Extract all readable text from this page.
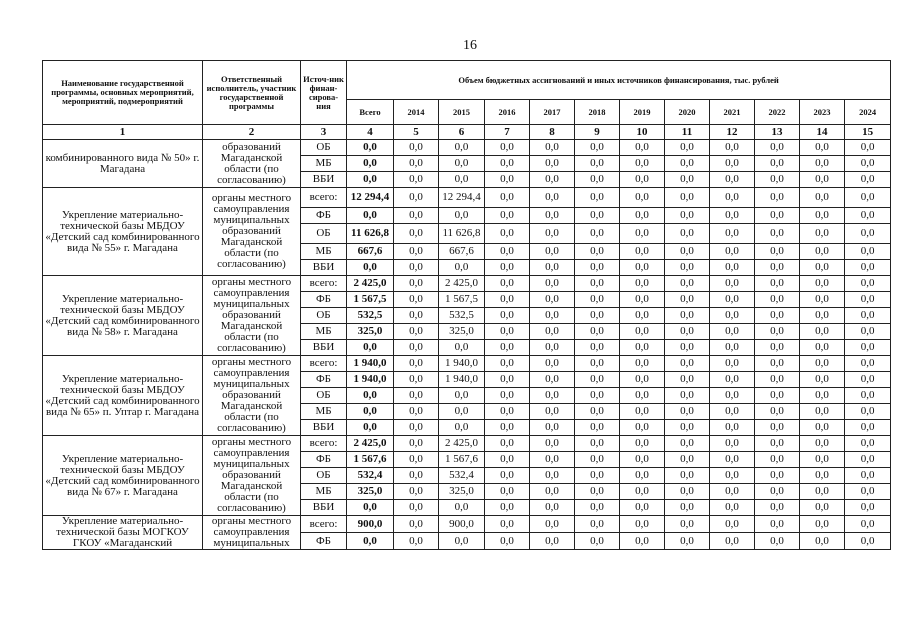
16
Наименование государственной программы, основных мероприятий, мероприятий, подмероприятий	Ответственный исполнитель, участник государственной программы	Источ-ник финан-сирова-ния	Объем бюджетных ассигнований и иных источников финансирования, тыс. рублей											
			Всего	2014	2015	2016	2017	2018	2019	2020	2021	2022	2023	2024
1	2	3	4	5	6	7	8	9	10	11	12	13	14	15
комбинированного вида № 50» г. Магадана	образований Магаданской области (по согласованию)	ОБ	0,0	0,0	0,0	0,0	0,0	0,0	0,0	0,0	0,0	0,0	0,0	0,0
		МБ	0,0	0,0	0,0	0,0	0,0	0,0	0,0	0,0	0,0	0,0	0,0	0,0
		ВБИ	0,0	0,0	0,0	0,0	0,0	0,0	0,0	0,0	0,0	0,0	0,0	0,0
Укрепление материально-технической базы МБДОУ «Детский сад комбинированного вида № 55» г. Магадана	органы местного самоуправления муниципальных образований Магаданской области (по согласованию)	всего:	12 294,4	0,0	12 294,4	0,0	0,0	0,0	0,0	0,0	0,0	0,0	0,0	0,0
		ФБ	0,0	0,0	0,0	0,0	0,0	0,0	0,0	0,0	0,0	0,0	0,0	0,0
		ОБ	11 626,8	0,0	11 626,8	0,0	0,0	0,0	0,0	0,0	0,0	0,0	0,0	0,0
		МБ	667,6	0,0	667,6	0,0	0,0	0,0	0,0	0,0	0,0	0,0	0,0	0,0
		ВБИ	0,0	0,0	0,0	0,0	0,0	0,0	0,0	0,0	0,0	0,0	0,0	0,0
Укрепление материально-технической базы МБДОУ «Детский сад комбинированного вида № 58» г. Магадана	органы местного самоуправления муниципальных образований Магаданской области (по согласованию)	всего:	2 425,0	0,0	2 425,0	0,0	0,0	0,0	0,0	0,0	0,0	0,0	0,0	0,0
		ФБ	1 567,5	0,0	1 567,5	0,0	0,0	0,0	0,0	0,0	0,0	0,0	0,0	0,0
		ОБ	532,5	0,0	532,5	0,0	0,0	0,0	0,0	0,0	0,0	0,0	0,0	0,0
		МБ	325,0	0,0	325,0	0,0	0,0	0,0	0,0	0,0	0,0	0,0	0,0	0,0
		ВБИ	0,0	0,0	0,0	0,0	0,0	0,0	0,0	0,0	0,0	0,0	0,0	0,0
Укрепление материально-технической базы МБДОУ «Детский сад комбинированного вида № 65» п. Уптар г. Магадана	органы местного самоуправления муниципальных образований Магаданской области (по согласованию)	всего:	1 940,0	0,0	1 940,0	0,0	0,0	0,0	0,0	0,0	0,0	0,0	0,0	0,0
		ФБ	1 940,0	0,0	1 940,0	0,0	0,0	0,0	0,0	0,0	0,0	0,0	0,0	0,0
		ОБ	0,0	0,0	0,0	0,0	0,0	0,0	0,0	0,0	0,0	0,0	0,0	0,0
		МБ	0,0	0,0	0,0	0,0	0,0	0,0	0,0	0,0	0,0	0,0	0,0	0,0
		ВБИ	0,0	0,0	0,0	0,0	0,0	0,0	0,0	0,0	0,0	0,0	0,0	0,0
Укрепление материально-технической базы МБДОУ «Детский сад комбинированного вида № 67» г. Магадана	органы местного самоуправления муниципальных образований Магаданской области (по согласованию)	всего:	2 425,0	0,0	2 425,0	0,0	0,0	0,0	0,0	0,0	0,0	0,0	0,0	0,0
		ФБ	1 567,6	0,0	1 567,6	0,0	0,0	0,0	0,0	0,0	0,0	0,0	0,0	0,0
		ОБ	532,4	0,0	532,4	0,0	0,0	0,0	0,0	0,0	0,0	0,0	0,0	0,0
		МБ	325,0	0,0	325,0	0,0	0,0	0,0	0,0	0,0	0,0	0,0	0,0	0,0
		ВБИ	0,0	0,0	0,0	0,0	0,0	0,0	0,0	0,0	0,0	0,0	0,0	0,0
Укрепление материально-технической базы МОГКОУ ГКОУ «Магаданский	органы местного самоуправления муниципальных	всего:	900,0	0,0	900,0	0,0	0,0	0,0	0,0	0,0	0,0	0,0	0,0	0,0
		ФБ	0,0	0,0	0,0	0,0	0,0	0,0	0,0	0,0	0,0	0,0	0,0	0,0
